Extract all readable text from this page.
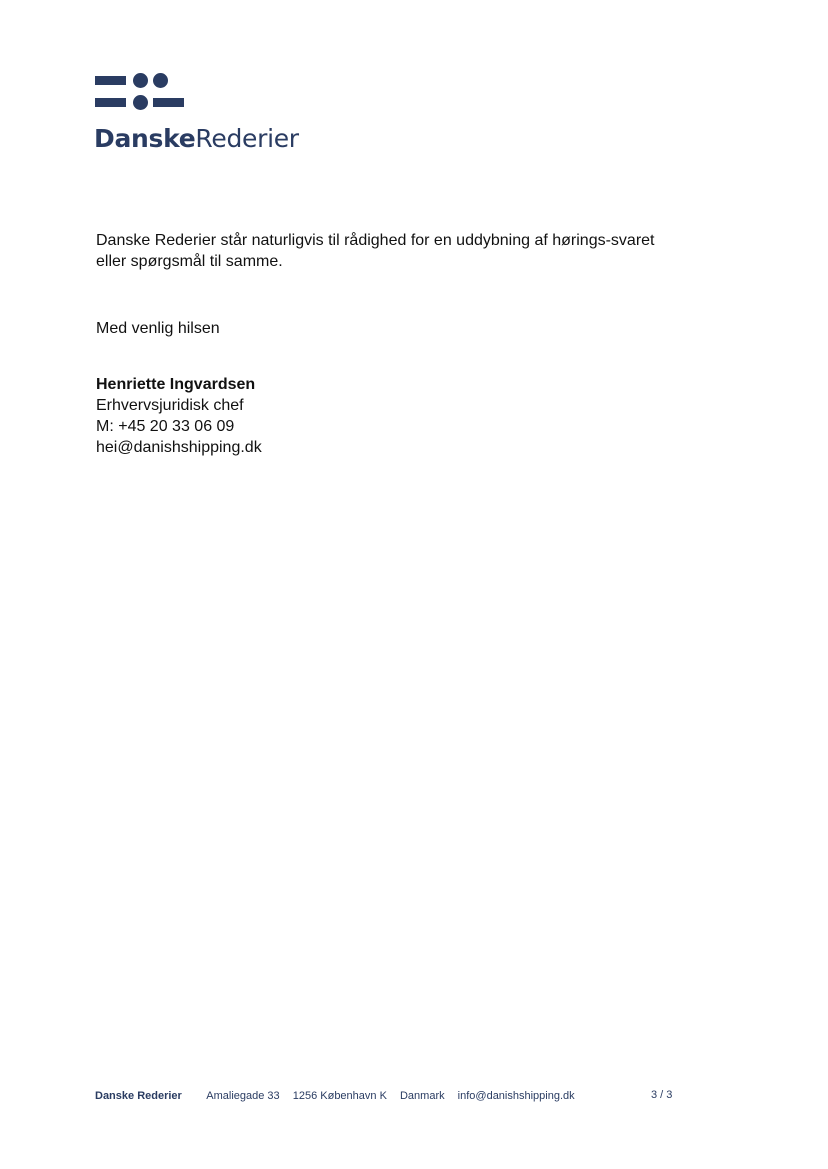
DanskeRederier
Danske Rederier står naturligvis til rådighed for en uddybning af hørings-svaret eller spørgsmål til samme.
Med venlig hilsen
Henriette Ingvardsen
Erhvervsjuridisk chef
M: +45 20 33 06 09
hei@danishshipping.dk
Danske Rederier Amaliegade 33 1256 København K Danmark info@danishshipping.dk	3 / 3
